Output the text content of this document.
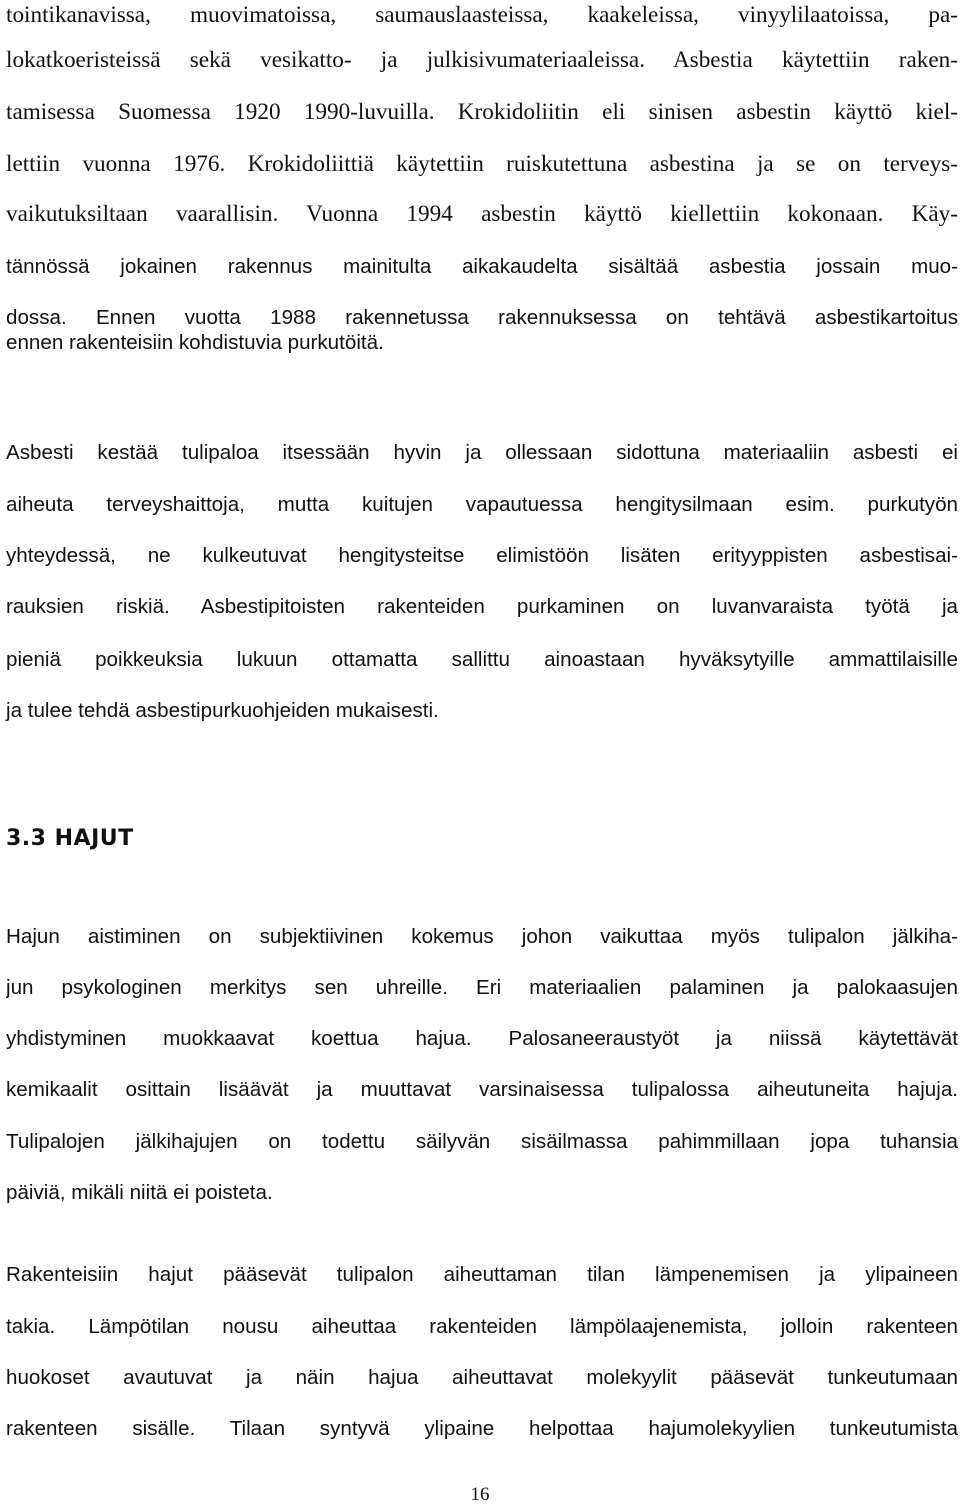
tointikanavissa, muovimatoissa, saumauslaasteissa, kaakeleissa, vinyylilaatoissa, pa-

lokatkoeristeissä sekä vesikatto- ja julkisivumateriaaleissa. Asbestia käytettiin raken-

tamisessa Suomessa 1920 1990-luvuilla. Krokidoliitin eli sinisen asbestin käyttö kiel-

lettiin vuonna 1976. Krokidoliittiä käytettiin ruiskutettuna asbestina ja se on terveys-

vaikutuksiltaan vaarallisin. Vuonna 1994 asbestin käyttö kiellettiin kokonaan. Käy-

tännössä jokainen rakennus mainitulta aikakaudelta sisältää asbestia jossain muo-

dossa. Ennen vuotta 1988 rakennetussa rakennuksessa on tehtävä asbestikartoitus

ennen rakenteisiin kohdistuvia purkutöitä.

Asbesti kestää tulipaloa itsessään hyvin ja ollessaan sidottuna materiaaliin asbesti ei

aiheuta terveyshaittoja, mutta kuitujen vapautuessa hengitysilmaan esim. purkutyön

yhteydessä, ne kulkeutuvat hengitysteitse elimistöön lisäten erityyppisten asbestisai-

rauksien riskiä. Asbestipitoisten rakenteiden purkaminen on luvanvaraista työtä ja

pieniä poikkeuksia lukuun ottamatta sallittu ainoastaan hyväksytyille ammattilaisille

ja tulee tehdä asbestipurkuohjeiden mukaisesti.

3.3 HAJUT

Hajun aistiminen on subjektiivinen kokemus johon vaikuttaa myös tulipalon jälkiha-

jun psykologinen merkitys sen uhreille. Eri materiaalien palaminen ja palokaasujen

yhdistyminen muokkaavat koettua hajua. Palosaneeraustyöt ja niissä käytettävät

kemikaalit osittain lisäävät ja muuttavat varsinaisessa tulipalossa aiheutuneita hajuja.

Tulipalojen jälkihajujen on todettu säilyvän sisäilmassa pahimmillaan jopa tuhansia

päiviä, mikäli niitä ei poisteta.

Rakenteisiin hajut pääsevät tulipalon aiheuttaman tilan lämpenemisen ja ylipaineen

takia. Lämpötilan nousu aiheuttaa rakenteiden lämpölaajenemista, jolloin rakenteen

huokoset avautuvat ja näin hajua aiheuttavat molekyylit pääsevät tunkeutumaan

rakenteen sisälle. Tilaan syntyvä ylipaine helpottaa hajumolekyylien tunkeutumista

16
